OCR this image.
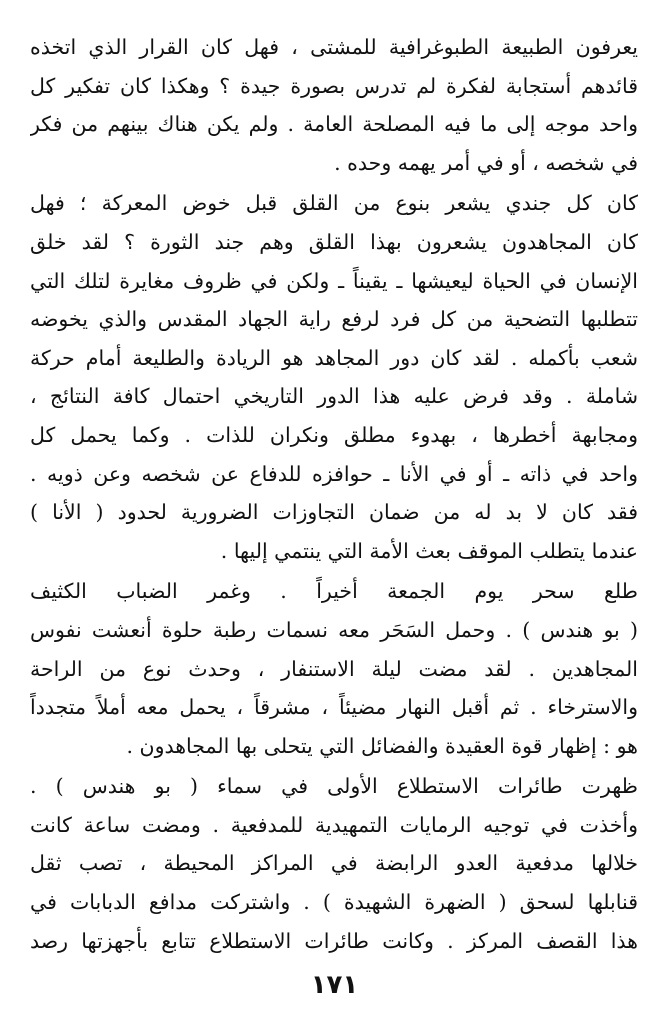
يعرفون الطبيعة الطبوغرافية للمشتى ، فهل كان القرار الذي اتخذه
قائدهم أستجابة لفكرة لم تدرس بصورة جيدة ؟ وهكذا كان تفكير كل
واحد موجه إلى ما فيه المصلحة العامة . ولم يكن هناك بينهم من فكر
في شخصه ، أو في أمر يهمه وحده .
كان كل جندي يشعر بنوع من القلق قبل خوض المعركة ؛ فهل
كان المجاهدون يشعرون بهذا القلق وهم جند الثورة ؟ لقد خلق
الإنسان في الحياة ليعيشها ـ يقيناً ـ ولكن في ظروف مغايرة لتلك التي
تتطلبها التضحية من كل فرد لرفع راية الجهاد المقدس والذي يخوضه
شعب بأكمله . لقد كان دور المجاهد هو الريادة والطليعة أمام حركة
شاملة . وقد فرض عليه هذا الدور التاريخي احتمال كافة النتائج ،
ومجابهة أخطرها ، بهدوء مطلق ونكران للذات . وكما يحمل كل
واحد في ذاته ـ أو في الأنا ـ حوافزه للدفاع عن شخصه وعن ذويه .
فقد كان لا بد له من ضمان التجاوزات الضرورية لحدود ( الأنا )
عندما يتطلب الموقف بعث الأمة التي ينتمي إليها .
طلع سحر يوم الجمعة أخيراً . وغمر الضباب الكثيف
( بو هندس ) . وحمل السَحَر معه نسمات رطبة حلوة أنعشت نفوس
المجاهدين . لقد مضت ليلة الاستنفار ، وحدث نوع من الراحة
والاسترخاء . ثم أقبل النهار مضيئاً ، مشرقاً ، يحمل معه أملاً متجدداً
هو : إظهار قوة العقيدة والفضائل التي يتحلى بها المجاهدون .
ظهرت طائرات الاستطلاع الأولى في سماء ( بو هندس ) .
وأخذت في توجيه الرمايات التمهيدية للمدفعية . ومضت ساعة كانت
خلالها مدفعية العدو الرابضة في المراكز المحيطة ، تصب ثقل
قنابلها لسحق ( الضهرة الشهيدة ) . واشتركت مدافع الدبابات في
هذا القصف المركز . وكانت طائرات الاستطلاع تتابع بأجهزتها رصد
١٧١
